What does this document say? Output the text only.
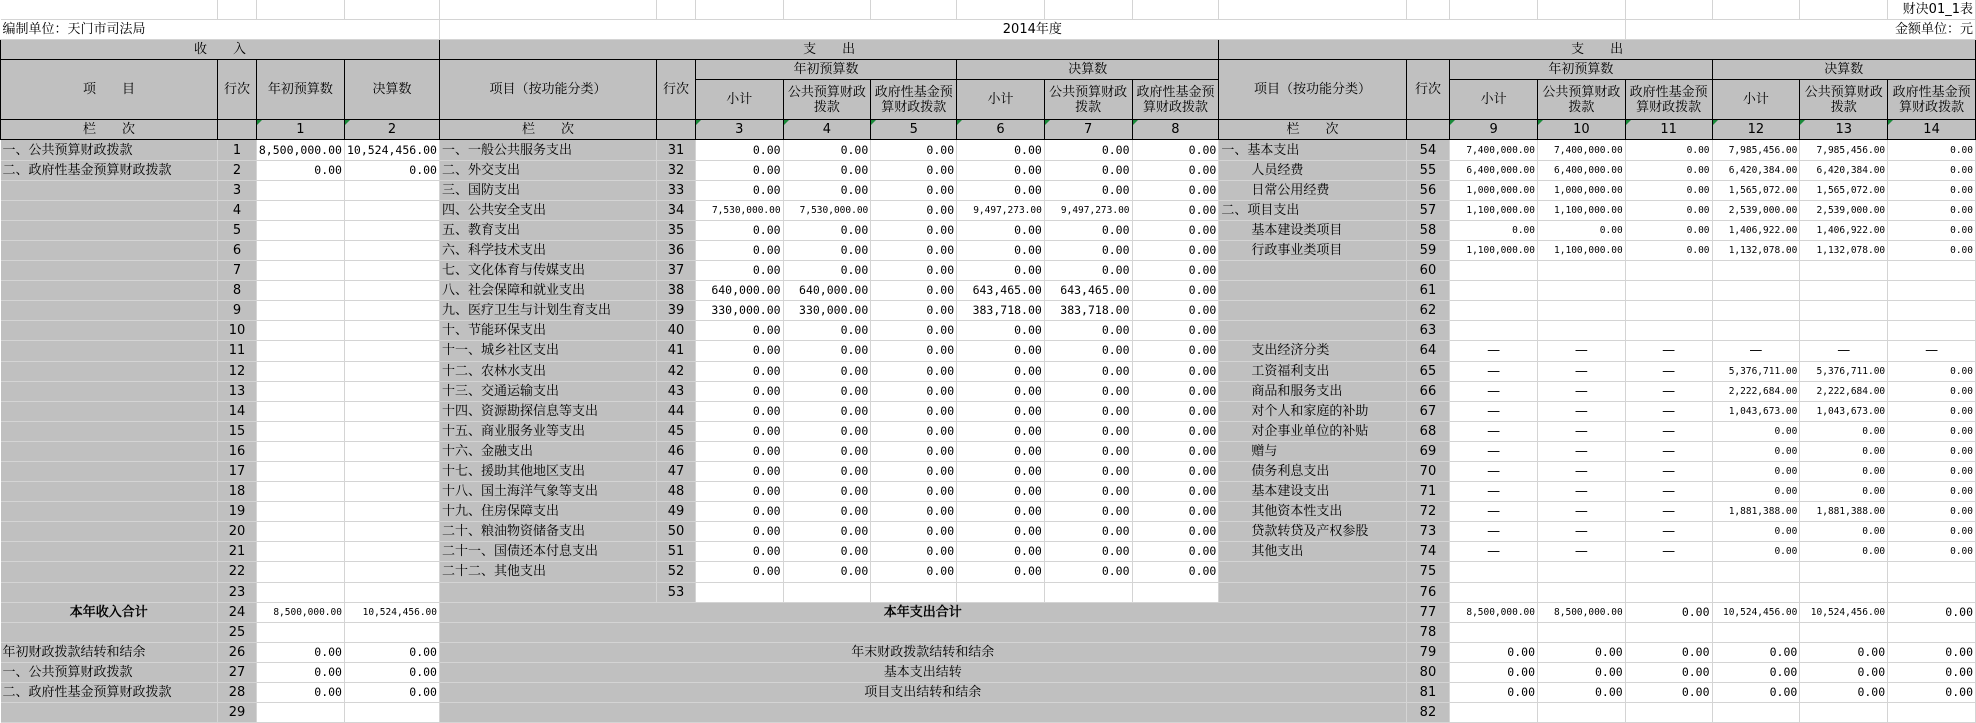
																			财决01_1表
编制单位：天门市司法局				2014年度												金额单位：元			
收　　入				支　　出								支　　出							
项　　目	行次	年初预算数	决算数	项目（按功能分类）	行次	年初预算数			决算数			项目（按功能分类）	行次	年初预算数			决算数		
						小计	公共预算财政拨款	政府性基金预算财政拨款	小计	公共预算财政拨款	政府性基金预算财政拨款			小计	公共预算财政拨款	政府性基金预算财政拨款	小计	公共预算财政拨款	政府性基金预算财政拨款
栏　　次		1	2	栏　　次		3	4	5	6	7	8	栏　　次		9	10	11	12	13	14
一、公共预算财政拨款	1	8,500,000.00	10,524,456.00	一、一般公共服务支出	31	0.00	0.00	0.00	0.00	0.00	0.00	一、基本支出	54	7,400,000.00	7,400,000.00	0.00	7,985,456.00	7,985,456.00	0.00
二、政府性基金预算财政拨款	2	0.00	0.00	二、外交支出	32	0.00	0.00	0.00	0.00	0.00	0.00	人员经费	55	6,400,000.00	6,400,000.00	0.00	6,420,384.00	6,420,384.00	0.00
	3			三、国防支出	33	0.00	0.00	0.00	0.00	0.00	0.00	日常公用经费	56	1,000,000.00	1,000,000.00	0.00	1,565,072.00	1,565,072.00	0.00
	4			四、公共安全支出	34	7,530,000.00	7,530,000.00	0.00	9,497,273.00	9,497,273.00	0.00	二、项目支出	57	1,100,000.00	1,100,000.00	0.00	2,539,000.00	2,539,000.00	0.00
	5			五、教育支出	35	0.00	0.00	0.00	0.00	0.00	0.00	基本建设类项目	58	0.00	0.00	0.00	1,406,922.00	1,406,922.00	0.00
	6			六、科学技术支出	36	0.00	0.00	0.00	0.00	0.00	0.00	行政事业类项目	59	1,100,000.00	1,100,000.00	0.00	1,132,078.00	1,132,078.00	0.00
	7			七、文化体育与传媒支出	37	0.00	0.00	0.00	0.00	0.00	0.00		60						
	8			八、社会保障和就业支出	38	640,000.00	640,000.00	0.00	643,465.00	643,465.00	0.00		61						
	9			九、医疗卫生与计划生育支出	39	330,000.00	330,000.00	0.00	383,718.00	383,718.00	0.00		62						
	10			十、节能环保支出	40	0.00	0.00	0.00	0.00	0.00	0.00		63						
	11			十一、城乡社区支出	41	0.00	0.00	0.00	0.00	0.00	0.00	支出经济分类	64	—	—	—	—	—	—
	12			十二、农林水支出	42	0.00	0.00	0.00	0.00	0.00	0.00	工资福利支出	65	—	—	—	5,376,711.00	5,376,711.00	0.00
	13			十三、交通运输支出	43	0.00	0.00	0.00	0.00	0.00	0.00	商品和服务支出	66	—	—	—	2,222,684.00	2,222,684.00	0.00
	14			十四、资源勘探信息等支出	44	0.00	0.00	0.00	0.00	0.00	0.00	对个人和家庭的补助	67	—	—	—	1,043,673.00	1,043,673.00	0.00
	15			十五、商业服务业等支出	45	0.00	0.00	0.00	0.00	0.00	0.00	对企事业单位的补贴	68	—	—	—	0.00	0.00	0.00
	16			十六、金融支出	46	0.00	0.00	0.00	0.00	0.00	0.00	赠与	69	—	—	—	0.00	0.00	0.00
	17			十七、援助其他地区支出	47	0.00	0.00	0.00	0.00	0.00	0.00	债务利息支出	70	—	—	—	0.00	0.00	0.00
	18			十八、国土海洋气象等支出	48	0.00	0.00	0.00	0.00	0.00	0.00	基本建设支出	71	—	—	—	0.00	0.00	0.00
	19			十九、住房保障支出	49	0.00	0.00	0.00	0.00	0.00	0.00	其他资本性支出	72	—	—	—	1,881,388.00	1,881,388.00	0.00
	20			二十、粮油物资储备支出	50	0.00	0.00	0.00	0.00	0.00	0.00	贷款转贷及产权参股	73	—	—	—	0.00	0.00	0.00
	21			二十一、国债还本付息支出	51	0.00	0.00	0.00	0.00	0.00	0.00	其他支出	74	—	—	—	0.00	0.00	0.00
	22			二十二、其他支出	52	0.00	0.00	0.00	0.00	0.00	0.00		75						
	23				53								76						
本年收入合计	24	8,500,000.00	10,524,456.00	本年支出合计									77	8,500,000.00	8,500,000.00	0.00	10,524,456.00	10,524,456.00	0.00
	25												78						
年初财政拨款结转和结余	26	0.00	0.00	年末财政拨款结转和结余									79	0.00	0.00	0.00	0.00	0.00	0.00
一、公共预算财政拨款	27	0.00	0.00	基本支出结转									80	0.00	0.00	0.00	0.00	0.00	0.00
二、政府性基金预算财政拨款	28	0.00	0.00	项目支出结转和结余									81	0.00	0.00	0.00	0.00	0.00	0.00
	29												82						
